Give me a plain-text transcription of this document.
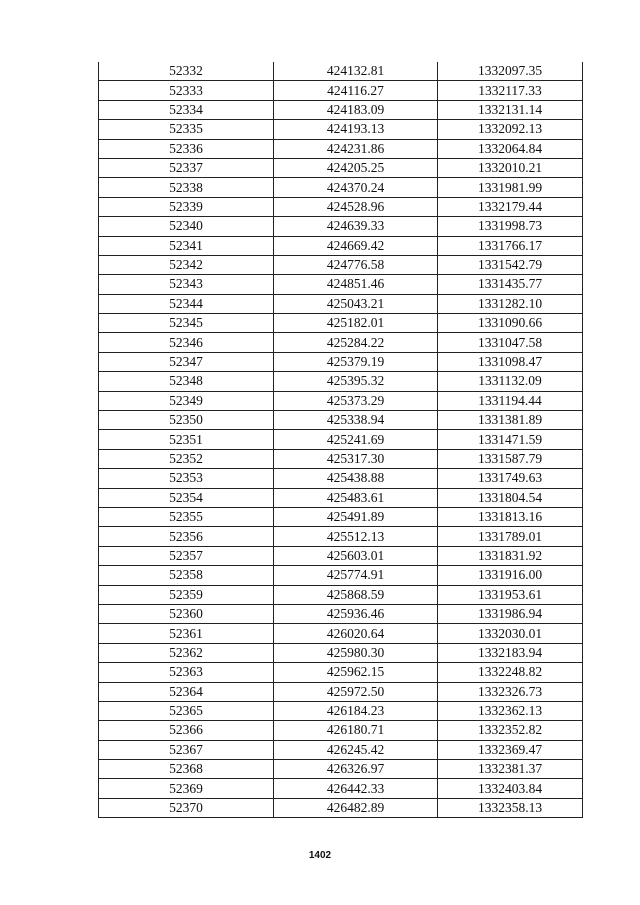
52332	424132.81	1332097.35
52333	424116.27	1332117.33
52334	424183.09	1332131.14
52335	424193.13	1332092.13
52336	424231.86	1332064.84
52337	424205.25	1332010.21
52338	424370.24	1331981.99
52339	424528.96	1332179.44
52340	424639.33	1331998.73
52341	424669.42	1331766.17
52342	424776.58	1331542.79
52343	424851.46	1331435.77
52344	425043.21	1331282.10
52345	425182.01	1331090.66
52346	425284.22	1331047.58
52347	425379.19	1331098.47
52348	425395.32	1331132.09
52349	425373.29	1331194.44
52350	425338.94	1331381.89
52351	425241.69	1331471.59
52352	425317.30	1331587.79
52353	425438.88	1331749.63
52354	425483.61	1331804.54
52355	425491.89	1331813.16
52356	425512.13	1331789.01
52357	425603.01	1331831.92
52358	425774.91	1331916.00
52359	425868.59	1331953.61
52360	425936.46	1331986.94
52361	426020.64	1332030.01
52362	425980.30	1332183.94
52363	425962.15	1332248.82
52364	425972.50	1332326.73
52365	426184.23	1332362.13
52366	426180.71	1332352.82
52367	426245.42	1332369.47
52368	426326.97	1332381.37
52369	426442.33	1332403.84
52370	426482.89	1332358.13
1402
